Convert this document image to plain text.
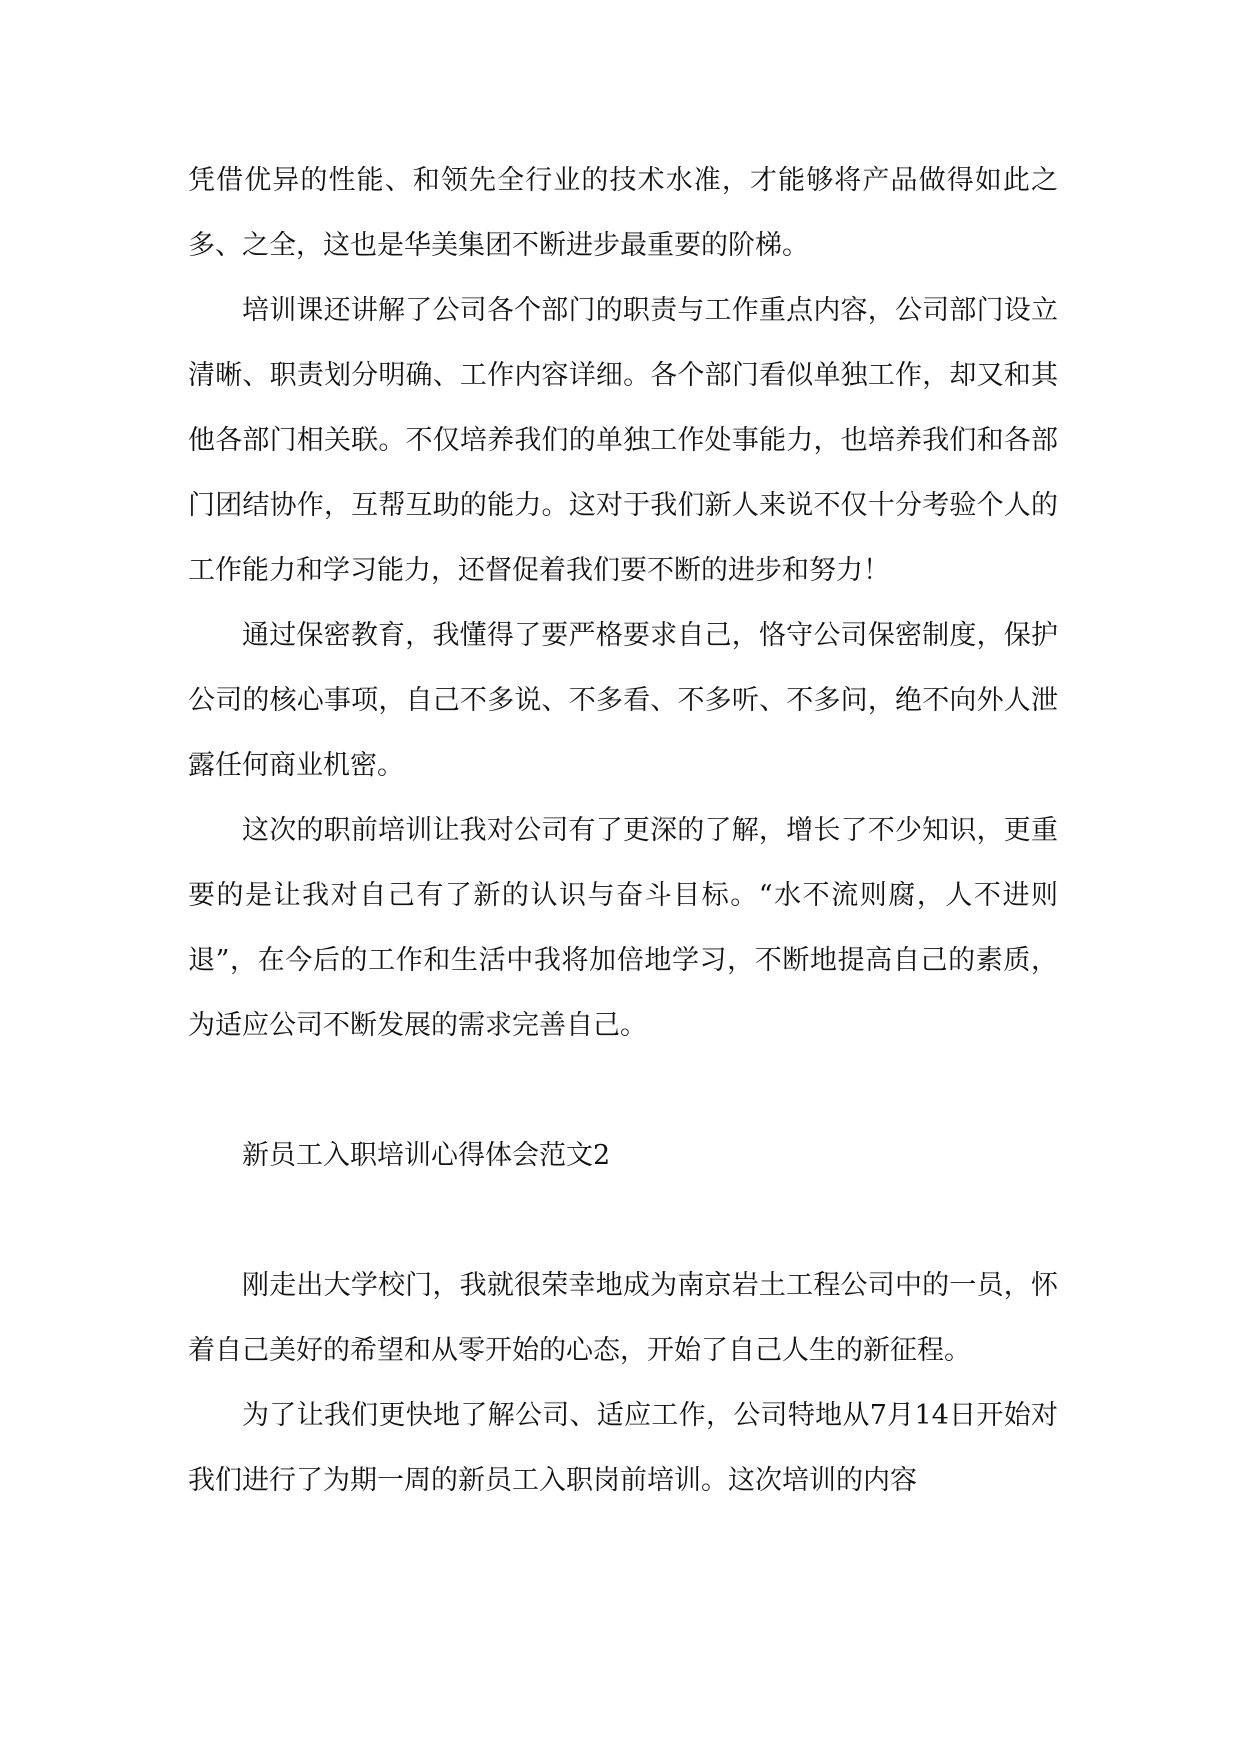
凭借优异的性能、和领先全行业的技术水准，才能够将产品做得如此之多、之全，这也是华美集团不断进步最重要的阶梯。

培训课还讲解了公司各个部门的职责与工作重点内容，公司部门设立清晰、职责划分明确、工作内容详细。各个部门看似单独工作，却又和其他各部门相关联。不仅培养我们的单独工作处事能力，也培养我们和各部门团结协作，互帮互助的能力。这对于我们新人来说不仅十分考验个人的工作能力和学习能力，还督促着我们要不断的进步和努力！

通过保密教育，我懂得了要严格要求自己，恪守公司保密制度，保护公司的核心事项，自己不多说、不多看、不多听、不多问，绝不向外人泄露任何商业机密。

这次的职前培训让我对公司有了更深的了解，增长了不少知识，更重要的是让我对自己有了新的认识与奋斗目标。“水不流则腐，人不进则退”，在今后的工作和生活中我将加倍地学习，不断地提高自己的素质，为适应公司不断发展的需求完善自己。

新员工入职培训心得体会范文2

刚走出大学校门，我就很荣幸地成为南京岩土工程公司中的一员，怀着自己美好的希望和从零开始的心态，开始了自己人生的新征程。

为了让我们更快地了解公司、适应工作，公司特地从7月14日开始对我们进行了为期一周的新员工入职岗前培训。这次培训的内容
